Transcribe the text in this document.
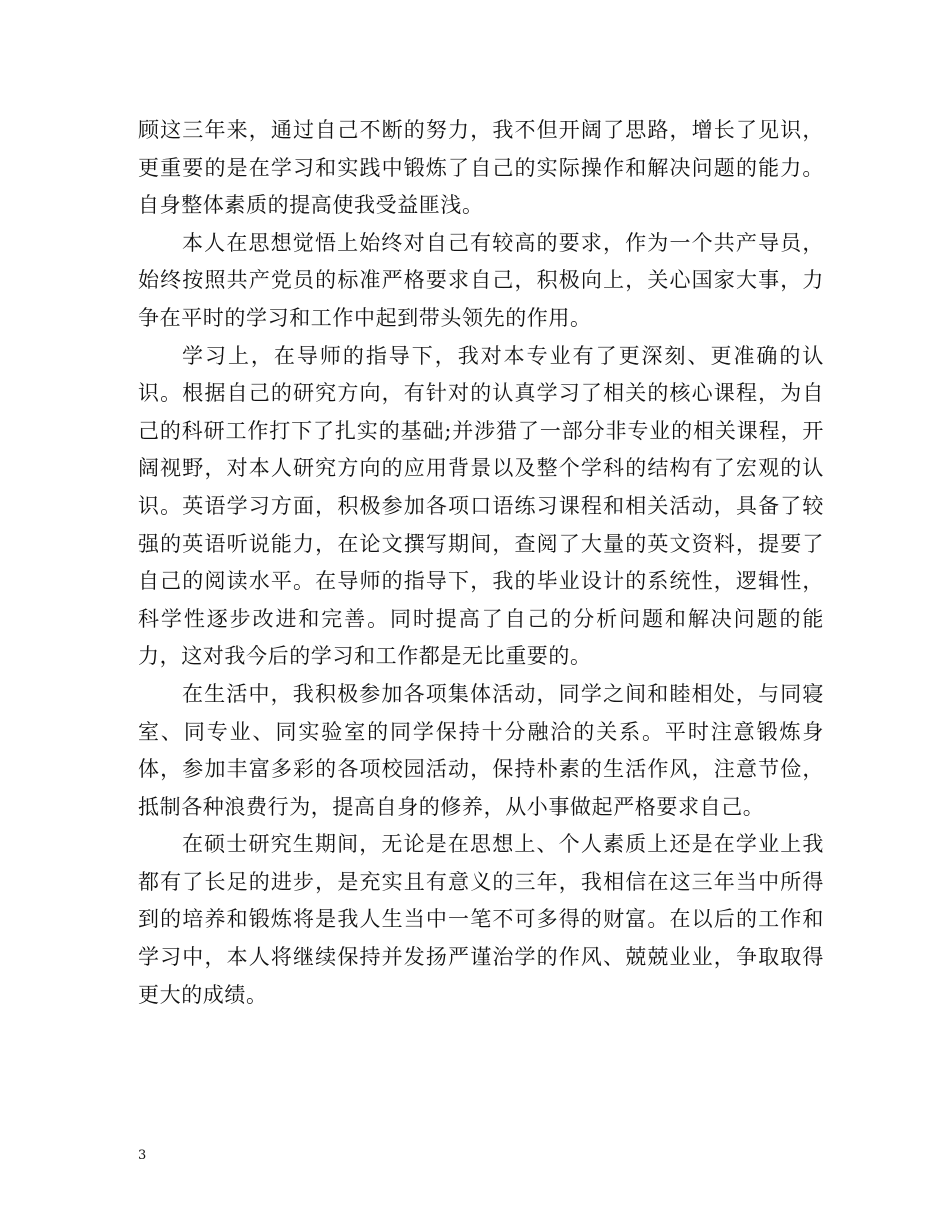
顾这三年来，通过自己不断的努力，我不但开阔了思路，增长了见识，更重要的是在学习和实践中锻炼了自己的实际操作和解决问题的能力。自身整体素质的提高使我受益匪浅。

本人在思想觉悟上始终对自己有较高的要求，作为一个共产导员，始终按照共产党员的标准严格要求自己，积极向上，关心国家大事，力争在平时的学习和工作中起到带头领先的作用。

学习上，在导师的指导下，我对本专业有了更深刻、更准确的认识。根据自己的研究方向，有针对的认真学习了相关的核心课程，为自己的科研工作打下了扎实的基础;并涉猎了一部分非专业的相关课程，开阔视野，对本人研究方向的应用背景以及整个学科的结构有了宏观的认识。英语学习方面，积极参加各项口语练习课程和相关活动，具备了较强的英语听说能力，在论文撰写期间，查阅了大量的英文资料，提要了自己的阅读水平。在导师的指导下，我的毕业设计的系统性，逻辑性，科学性逐步改进和完善。同时提高了自己的分析问题和解决问题的能力，这对我今后的学习和工作都是无比重要的。

在生活中，我积极参加各项集体活动，同学之间和睦相处，与同寝室、同专业、同实验室的同学保持十分融洽的关系。平时注意锻炼身体，参加丰富多彩的各项校园活动，保持朴素的生活作风，注意节俭，抵制各种浪费行为，提高自身的修养，从小事做起严格要求自己。

在硕士研究生期间，无论是在思想上、个人素质上还是在学业上我都有了长足的进步，是充实且有意义的三年，我相信在这三年当中所得到的培养和锻炼将是我人生当中一笔不可多得的财富。在以后的工作和学习中，本人将继续保持并发扬严谨治学的作风、兢兢业业，争取取得更大的成绩。

3
